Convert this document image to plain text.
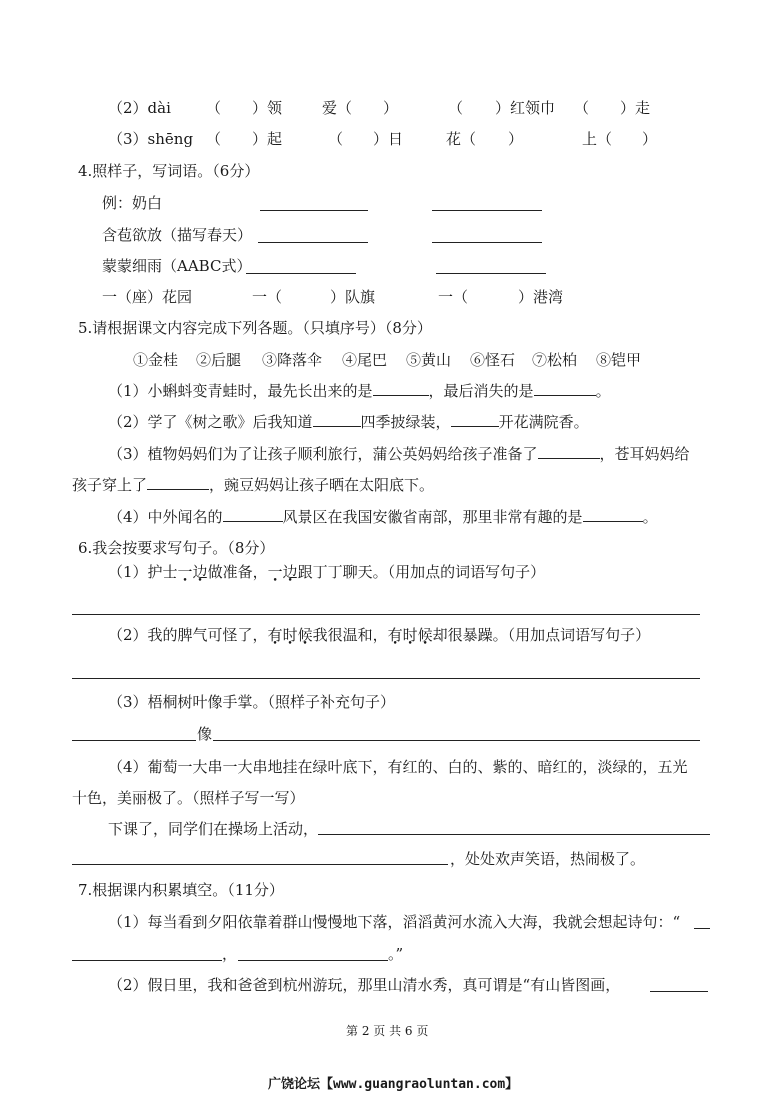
（2）dài （ ）领	爱（ ）	（ ）红领巾 （ ）走
（3）shēng （ ）起	（ ）日	花（ ）	上（ ）
4.照样子，写词语。（6分）
例：奶白
含苞欲放（描写春天）
蒙蒙细雨（AABC式）
一（座）花园	一（	）队旗	一（	）港湾
5.请根据课文内容完成下列各题。（只填序号）（8分）
①金桂 ②后腿 ③降落伞 ④尾巴 ⑤黄山 ⑥怪石 ⑦松柏 ⑧铠甲
（1）小蝌蚪变青蛙时，最先长出来的是	，最后消失的是	。
（2）学了《树之歌》后我知道	四季披绿装，	开花满院香。
（3）植物妈妈们为了让孩子顺利旅行，蒲公英妈妈给孩子准备了	，苍耳妈妈给
孩子穿上了	，豌豆妈妈让孩子晒在太阳底下。
（4）中外闻名的	风景区在我国安徽省南部，那里非常有趣的是	。
6.我会按要求写句子。（8分）
（1）护士一边做准备，一边跟丁丁聊天。（用加点的词语写句子）
（2）我的脾气可怪了，有时候我很温和，有时候却很暴躁。（用加点词语写句子）
（3）梧桐树叶像手掌。（照样子补充句子）
像
（4）葡萄一大串一大串地挂在绿叶底下，有红的、白的、紫的、暗红的，淡绿的，五光
十色，美丽极了。（照样子写一写）
下课了，同学们在操场上活动，
，处处欢声笑语，热闹极了。
7.根据课内积累填空。（11分）
（1）每当看到夕阳依靠着群山慢慢地下落，滔滔黄河水流入大海，我就会想起诗句：“
，	。”
（2）假日里，我和爸爸到杭州游玩，那里山清水秀，真可谓是“有山皆图画，
第 2 页 共 6 页
广饶论坛【www.guangraoluntan.com】
